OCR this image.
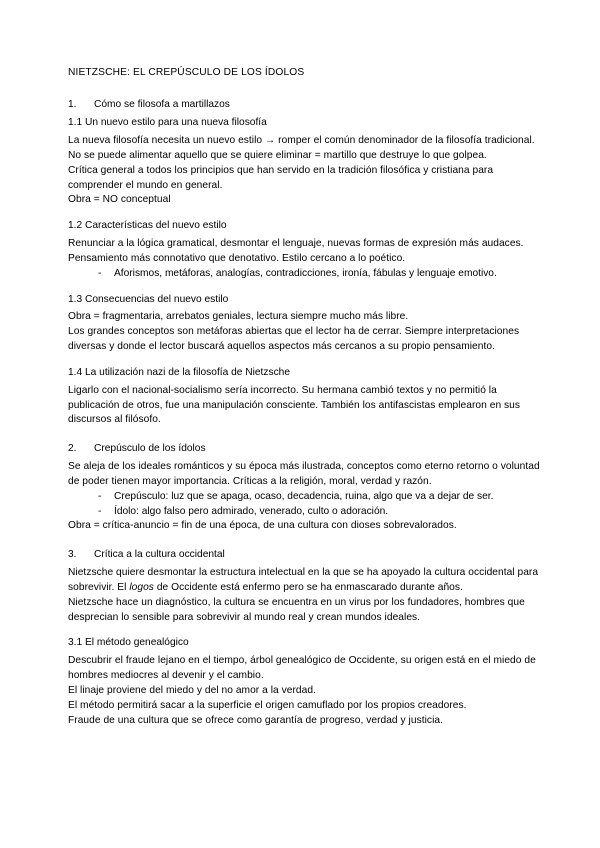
NIETZSCHE: EL CREPÚSCULO DE LOS ÍDOLOS
1.	Cómo se filosofa a martillazos
1.1 Un nuevo estilo para una nueva filosofía

La nueva filosofía necesita un nuevo estilo → romper el común denominador de la filosofía tradicional.

No se puede alimentar aquello que se quiere eliminar = martillo que destruye lo que golpea.

Crítica general a todos los principios que han servido en la tradición filosófica y cristiana para comprender el mundo en general.

Obra = NO conceptual

1.2 Características del nuevo estilo

Renunciar a la lógica gramatical, desmontar el lenguaje, nuevas formas de expresión más audaces. Pensamiento más connotativo que denotativo. Estilo cercano a lo poético.

- Aforismos, metáforas, analogías, contradicciones, ironía, fábulas y lenguaje emotivo.
1.3 Consecuencias del nuevo estilo

Obra = fragmentaria, arrebatos geniales, lectura siempre mucho más libre.

Los grandes conceptos son metáforas abiertas que el lector ha de cerrar. Siempre interpretaciones diversas y donde el lector buscará aquellos aspectos más cercanos a su propio pensamiento.

1.4 La utilización nazi de la filosofía de Nietzsche

Ligarlo con el nacional-socialismo sería incorrecto. Su hermana cambió textos y no permitió la publicación de otros, fue una manipulación consciente. También los antifascistas emplearon en sus discursos al filósofo.

2.	Crepúsculo de los ídolos

Se aleja de los ideales románticos y su época más ilustrada, conceptos como eterno retorno o voluntad de poder tienen mayor importancia. Críticas a la religión, moral, verdad y razón.

- Crepúsculo: luz que se apaga, ocaso, decadencia, ruina, algo que va a dejar de ser.
- Ídolo: algo falso pero admirado, venerado, culto o adoración.

Obra = crítica-anuncio = fin de una época, de una cultura con dioses sobrevalorados.

3.	Crítica a la cultura occidental

Nietzsche quiere desmontar la estructura intelectual en la que se ha apoyado la cultura occidental para sobrevivir. El logos de Occidente está enfermo pero se ha enmascarado durante años.

Nietzsche hace un diagnóstico, la cultura se encuentra en un virus por los fundadores, hombres que desprecian lo sensible para sobrevivir al mundo real y crean mundos ideales.

3.1 El método genealógico

Descubrir el fraude lejano en el tiempo, árbol genealógico de Occidente, su origen está en el miedo de hombres mediocres al devenir y el cambio.

El linaje proviene del miedo y del no amor a la verdad.

El método permitirá sacar a la superficie el origen camuflado por los propios creadores.

Fraude de una cultura que se ofrece como garantía de progreso, verdad y justicia.
